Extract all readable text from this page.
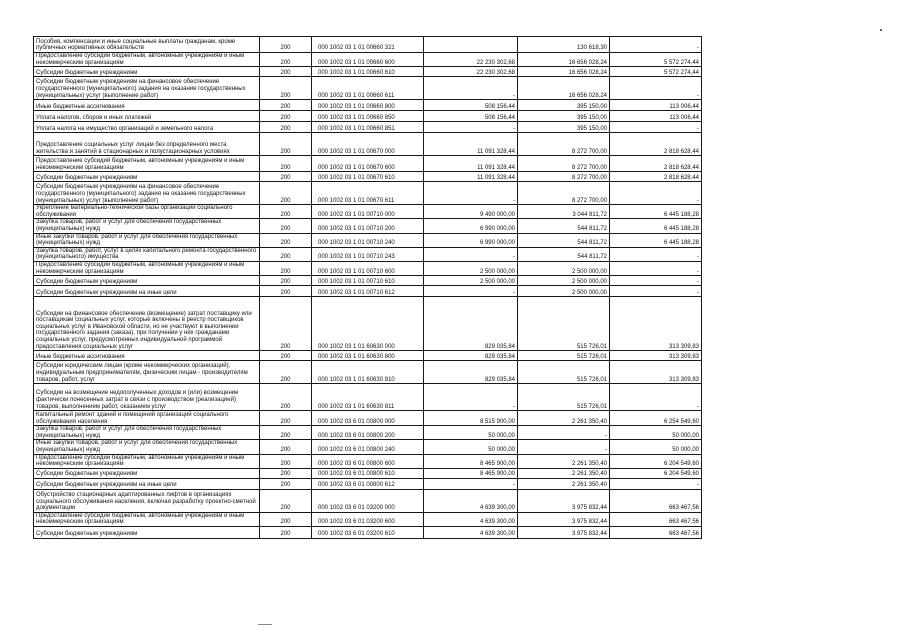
Пособия, компенсации и иные социальные выплаты гражданам, кроме публичных нормативных обязательств	200	000 1002 03 1 01 00660 321		130 618,30	-
Предоставление субсидий бюджетным, автономным учреждениям и иным некоммерческим организациям	200	000 1002 03 1 01 00660 600	22 230 302,68	16 656 028,24	5 572 274,44
Субсидии бюджетным учреждениям	200	000 1002 03 1 01 00660 610	22 230 302,68	16 656 028,24	5 572 274,44
Субсидии бюджетным учреждениям на финансовое обеспечение государственного (муниципального) задания на оказание государственных (муниципальных) услуг (выполнение работ)	200	000 1002 03 1 01 00660 611	-	16 656 028,24	-
Иные бюджетные ассигнования	200	000 1002 03 1 01 00660 800	508 156,44	395 150,00	113 006,44
Уплата налогов, сборов и иных платежей	200	000 1002 03 1 01 00660 850	508 156,44	395 150,00	113 006,44
Уплата налога на имущество организаций и земельного налога	200	000 1002 03 1 01 00660 851	-	395 150,00	-
Предоставление социальных услуг лицам без определенного места жительства и занятий в стационарных и полустационарных условиях	200	000 1002 03 1 01 00670 000	11 091 328,44	8 272 700,00	2 818 628,44
Предоставление субсидий бюджетным, автономным учреждениям и иным некоммерческим организациям	200	000 1002 03 1 01 00670 600	11 091 328,44	8 272 700,00	2 818 628,44
Субсидии бюджетным учреждениям	200	000 1002 03 1 01 00670 610	11 091 328,44	8 272 700,00	2 818 628,44
Субсидии бюджетным учреждениям на финансовое обеспечение государственного (муниципального) задания на оказание государственных (муниципальных) услуг (выполнение работ)	200	000 1002 03 1 01 00670 611	-	8 272 700,00	-
Укрепление материально-технической базы организаций социального обслуживания	200	000 1002 03 1 01 00710 000	9 490 000,00	3 044 811,72	6 445 188,28
Закупка товаров, работ и услуг для обеспечения государственных (муниципальных) нужд	200	000 1002 03 1 01 00710 200	6 990 000,00	544 811,72	6 445 188,28
Иные закупки товаров, работ и услуг для обеспечения государственных (муниципальных) нужд	200	000 1002 03 1 01 00710 240	6 990 000,00	544 811,72	6 445 188,28
Закупка товаров, работ, услуг в целях капитального ремонта государственного (муниципального) имущества	200	000 1002 03 1 01 00710 243	-	544 811,72	-
Предоставление субсидий бюджетным, автономным учреждениям и иным некоммерческим организациям	200	000 1002 03 1 01 00710 600	2 500 000,00	2 500 000,00	-
Субсидии бюджетным учреждениям	200	000 1002 03 1 01 00710 610	2 500 000,00	2 500 000,00	-
Субсидии бюджетным учреждениям на иные цели	200	000 1002 03 1 01 00710 612	-	2 500 000,00	-
Субсидии на финансовое обеспечение (возмещение) затрат поставщику или поставщикам социальных услуг, которые включены в реестр поставщиков социальных услуг в Ивановской области, но не участвуют в выполнении государственного задания (заказа), при получении у них гражданами социальных услуг, предусмотренных индивидуальной программой предоставления социальных услуг	200	000 1002 03 1 01 60630 000	829 035,84	515 726,01	313 309,83
Иные бюджетные ассигнования	200	000 1002 03 1 01 60630 800	829 035,84	515 726,01	313 309,83
Субсидии юридическим лицам (кроме некоммерческих организаций), индивидуальным предпринимателям, физическим лицам - производителям товаров, работ, услуг	200	000 1002 03 1 01 60630 810	829 035,84	515 726,01	313 309,83
Субсидии на возмещение недополученных доходов и (или) возмещение фактически понесенных затрат в связи с производством (реализацией) товаров, выполнением работ, оказанием услуг	200	000 1002 03 1 01 60630 811	-	515 726,01	-
Капитальный ремонт зданий и помещений организаций социального обслуживания населения	200	000 1002 03 6 01 00800 000	8 515 900,00	2 261 350,40	6 254 549,60
Закупка товаров, работ и услуг для обеспечения государственных (муниципальных) нужд	200	000 1002 03 6 01 00800 200	50 000,00	-	50 000,00
Иные закупки товаров, работ и услуг для обеспечения государственных (муниципальных) нужд	200	000 1002 03 6 01 00800 240	50 000,00	-	50 000,00
Предоставление субсидий бюджетным, автономным учреждениям и иным некоммерческим организациям	200	000 1002 03 6 01 00800 600	8 465 900,00	2 261 350,40	6 204 549,60
Субсидии бюджетным учреждениям	200	000 1002 03 6 01 00800 610	8 465 900,00	2 261 350,40	6 204 549,60
Субсидии бюджетным учреждениям на иные цели	200	000 1002 03 6 01 00800 612	-	2 261 350,40	-
Обустройство стационарных адаптированных лифтов в организациях социального обслуживания населения, включая разработку проектно-сметной документации	200	000 1002 03 6 01 03200 000	4 639 300,00	3 975 832,44	663 467,56
Предоставление субсидий бюджетным, автономным учреждениям и иным некоммерческим организациям	200	000 1002 03 6 01 03200 600	4 639 300,00	3 975 832,44	663 467,56
Субсидии бюджетным учреждениям	200	000 1002 03 6 01 03200 610	4 639 300,00	3 975 832,44	663 467,56
